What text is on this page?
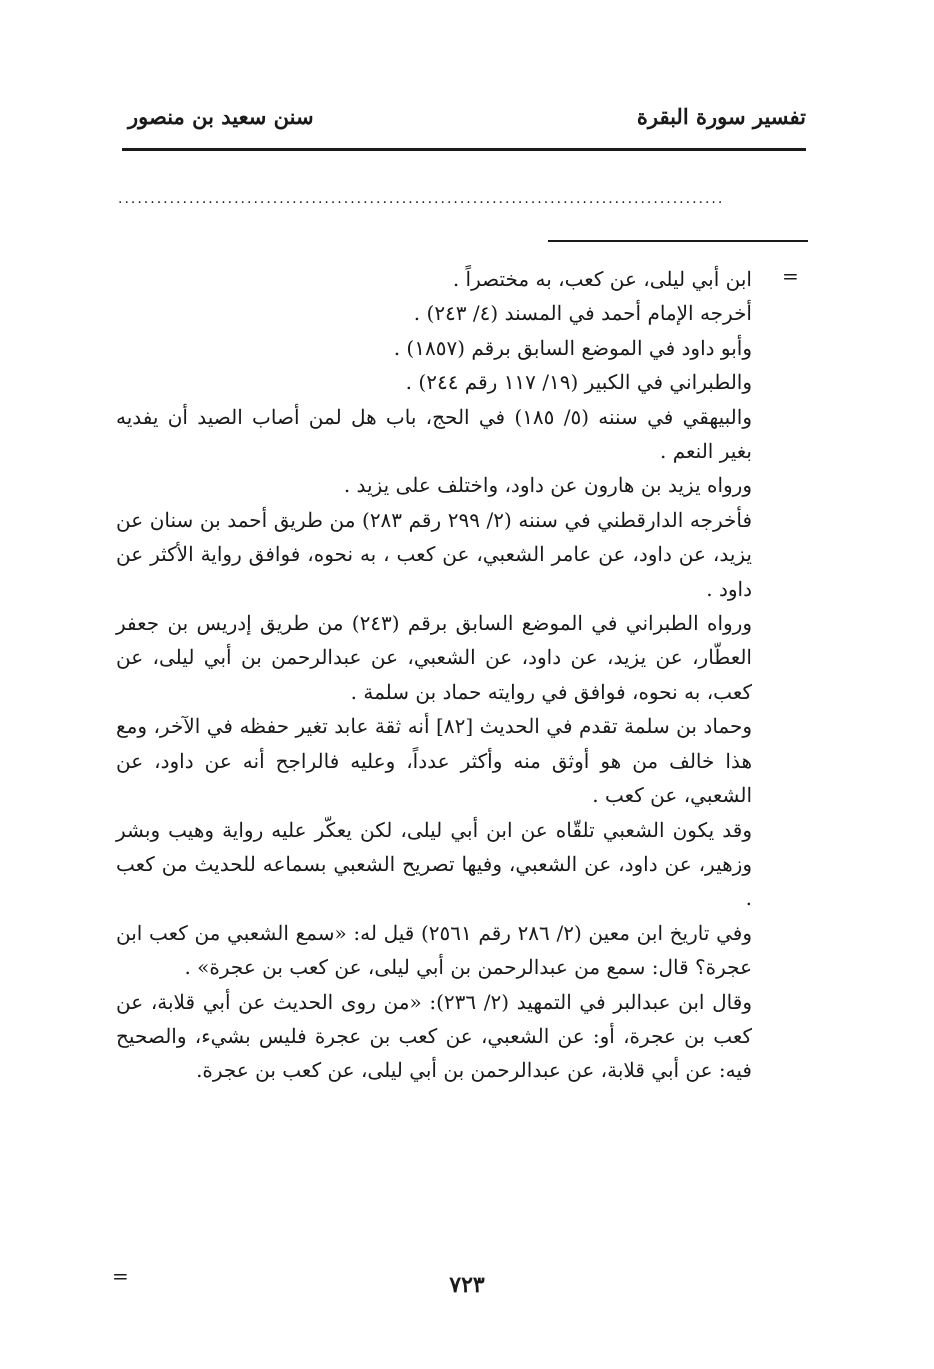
تفسير سورة البقرة
سنن سعيد بن منصور
..............................................................................................
=

ابن أبي ليلى، عن كعب، به مختصراً .

أخرجه الإمام أحمد في المسند (٤/ ٢٤٣) .

وأبو داود في الموضع السابق برقم (١٨٥٧) .

والطبراني في الكبير (١٩/ ١١٧ رقم ٢٤٤) .

والبيهقي في سننه (٥/ ١٨٥) في الحج، باب هل لمن أصاب الصيد أن يفديه بغير النعم .

ورواه يزيد بن هارون عن داود، واختلف على يزيد .

فأخرجه الدارقطني في سننه (٢/ ٢٩٩ رقم ٢٨٣) من طريق أحمد بن سنان عن يزيد، عن داود، عن عامر الشعبي، عن كعب ، به نحوه، فوافق رواية الأكثر عن داود .

ورواه الطبراني في الموضع السابق برقم (٢٤٣) من طريق إدريس بن جعفر العطّار، عن يزيد، عن داود، عن الشعبي، عن عبدالرحمن بن أبي ليلى، عن كعب، به نحوه، فوافق في روايته حماد بن سلمة .

وحماد بن سلمة تقدم في الحديث [٨٢] أنه ثقة عابد تغير حفظه في الآخر، ومع هذا خالف من هو أوثق منه وأكثر عدداً، وعليه فالراجح أنه عن داود، عن الشعبي، عن كعب .

وقد يكون الشعبي تلقّاه عن ابن أبي ليلى، لكن يعكّر عليه رواية وهيب وبشر وزهير، عن داود، عن الشعبي، وفيها تصريح الشعبي بسماعه للحديث من كعب .

وفي تاريخ ابن معين (٢/ ٢٨٦ رقم ٢٥٦١) قيل له: «سمع الشعبي من كعب ابن عجرة؟ قال: سمع من عبدالرحمن بن أبي ليلى، عن كعب بن عجرة» .

وقال ابن عبدالبر في التمهيد (٢/ ٢٣٦): «من روى الحديث عن أبي قلابة، عن كعب بن عجرة، أو: عن الشعبي، عن كعب بن عجرة فليس بشيء، والصحيح فيه: عن أبي قلابة، عن عبدالرحمن بن أبي ليلى، عن كعب بن عجرة.

=	٧٢٣
